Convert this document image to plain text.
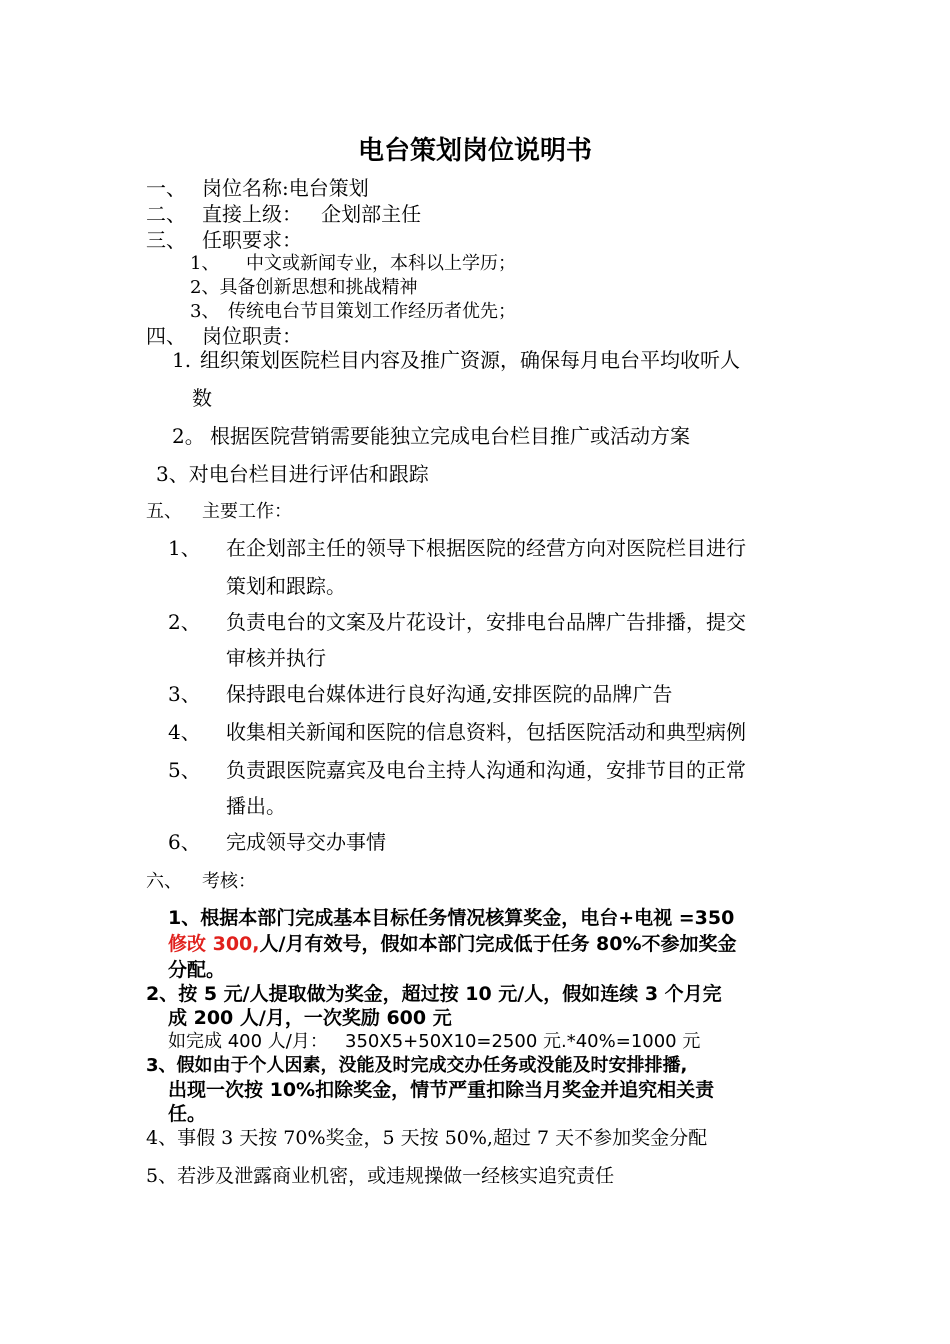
电台策划岗位说明书
一、 岗位名称:电台策划
二、 直接上级：   企划部主任
三、 任职要求：
1、 中文或新闻专业，本科以上学历；
2、具备创新思想和挑战精神
3、 传统电台节目策划工作经历者优先；
四、 岗位职责：
1. 组织策划医院栏目内容及推广资源，确保每月电台平均收听人
数
2。 根据医院营销需要能独立完成电台栏目推广或活动方案
3、对电台栏目进行评估和跟踪
五、 主要工作：
1、 在企划部主任的领导下根据医院的经营方向对医院栏目进行
策划和跟踪。
2、 负责电台的文案及片花设计，安排电台品牌广告排播，提交
审核并执行
3、 保持跟电台媒体进行良好沟通,安排医院的品牌广告
4、 收集相关新闻和医院的信息资料，包括医院活动和典型病例
5、 负责跟医院嘉宾及电台主持人沟通和沟通，安排节目的正常
播出。
6、 完成领导交办事情
六、 考核：
1、根据本部门完成基本目标任务情况核算奖金，电台+电视 =350
修改 300,人/月有效号，假如本部门完成低于任务 80%不参加奖金
分配。
2、按 5 元/人提取做为奖金，超过按 10 元/人，假如连续 3 个月完
成 200 人/月，一次奖励 600 元
如完成 400 人/月：   350X5+50X10=2500 元.*40%=1000 元
3、假如由于个人因素，没能及时完成交办任务或没能及时安排排播,
出现一次按 10%扣除奖金，情节严重扣除当月奖金并追究相关责
任。
4、事假 3 天按 70%奖金，5 天按 50%,超过 7 天不参加奖金分配
5、若涉及泄露商业机密，或违规操做一经核实追究责任
